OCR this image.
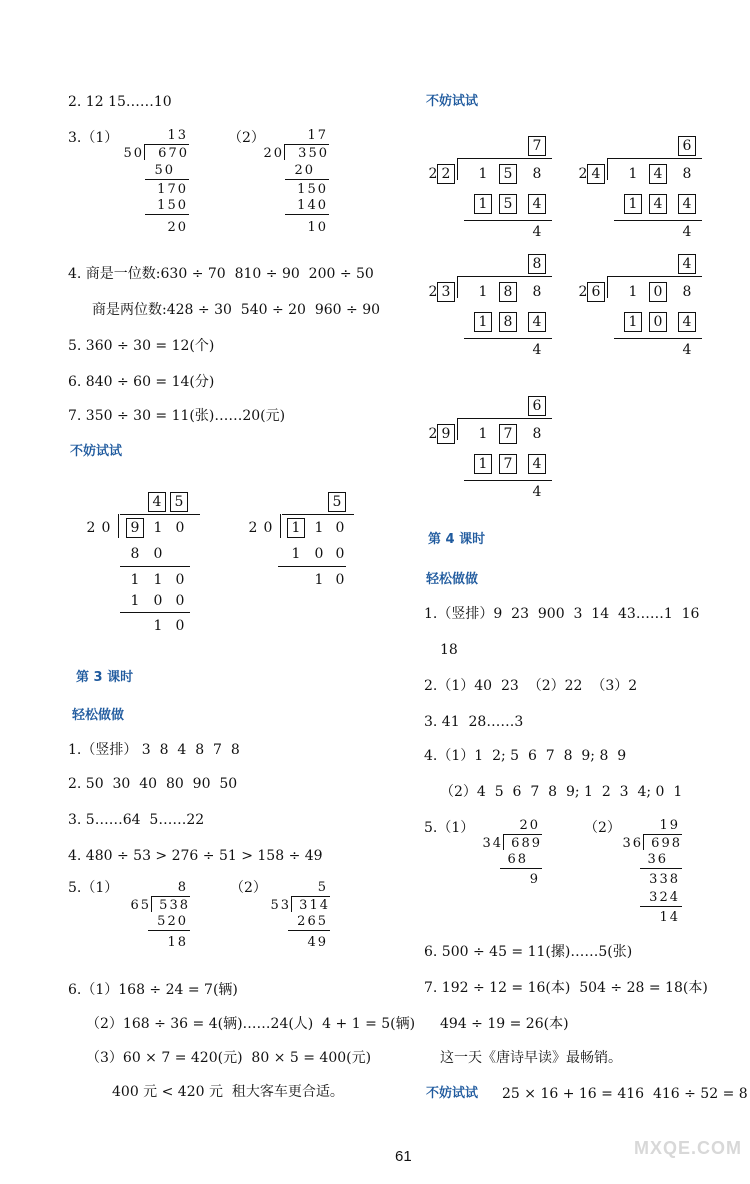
2. 12 15……10
3.（1）	13
50	670
50
170
150
20
（2）	17
20	350
20
150
140
10
4. 商是一位数:630 ÷ 70  810 ÷ 90  200 ÷ 50
商是两位数:428 ÷ 30  540 ÷ 20  960 ÷ 90
5. 360 ÷ 30 = 12(个)
6. 840 ÷ 60 = 14(分)
7. 350 ÷ 30 = 11(张)……20(元)
不妨试试
4 5
2 0	9	1 0
8	0
1	1 0
1	0 0
1 0
5
2 0	1	1 0
1	0 0
1 0
第 3 课时
轻松做做
1.（竖排） 3  8  4  8  7  8
2. 50  30  40  80  90  50
3. 5……64  5……22
4. 480 ÷ 53 > 276 ÷ 51 > 158 ÷ 49
5.（1）	8
65 538
520
18
（2）	5
53 314
265
49
6.（1）168 ÷ 24 = 7(辆)
（2）168 ÷ 36 = 4(辆)……24(人)  4 + 1 = 5(辆)
（3）60 × 7 = 420(元)  80 × 5 = 400(元)
400 元 < 420 元  租大客车更合适。
不妨试试
7
2 2	1	5	8
1	5	4
4
6
2 4	1	4	8
1	4	4
4
8
2 3	1	8	8
1	8	4
4
4
2 6	1	0	8
1	0	4
4
6
2 9	1	7	8
1	7	4
4
第 4 课时
轻松做做
1.（竖排）9  23  900  3  14  43……1  16
18
2.（1）40  23  （2）22  （3）2
3. 41  28……3
4.（1）1  2; 5  6  7  8  9; 8  9
（2）4  5  6  7  8  9; 1  2  3  4; 0  1
5.（1）	20
34 689
68
9
（2）	19
36 698
36
338
324
14
6. 500 ÷ 45 = 11(摞)……5(张)
7. 192 ÷ 12 = 16(本)  504 ÷ 28 = 18(本)
494 ÷ 19 = 26(本)
这一天《唐诗早读》最畅销。
不妨试试 25 × 16 + 16 = 416  416 ÷ 52 = 8
61	MXQE.COM
